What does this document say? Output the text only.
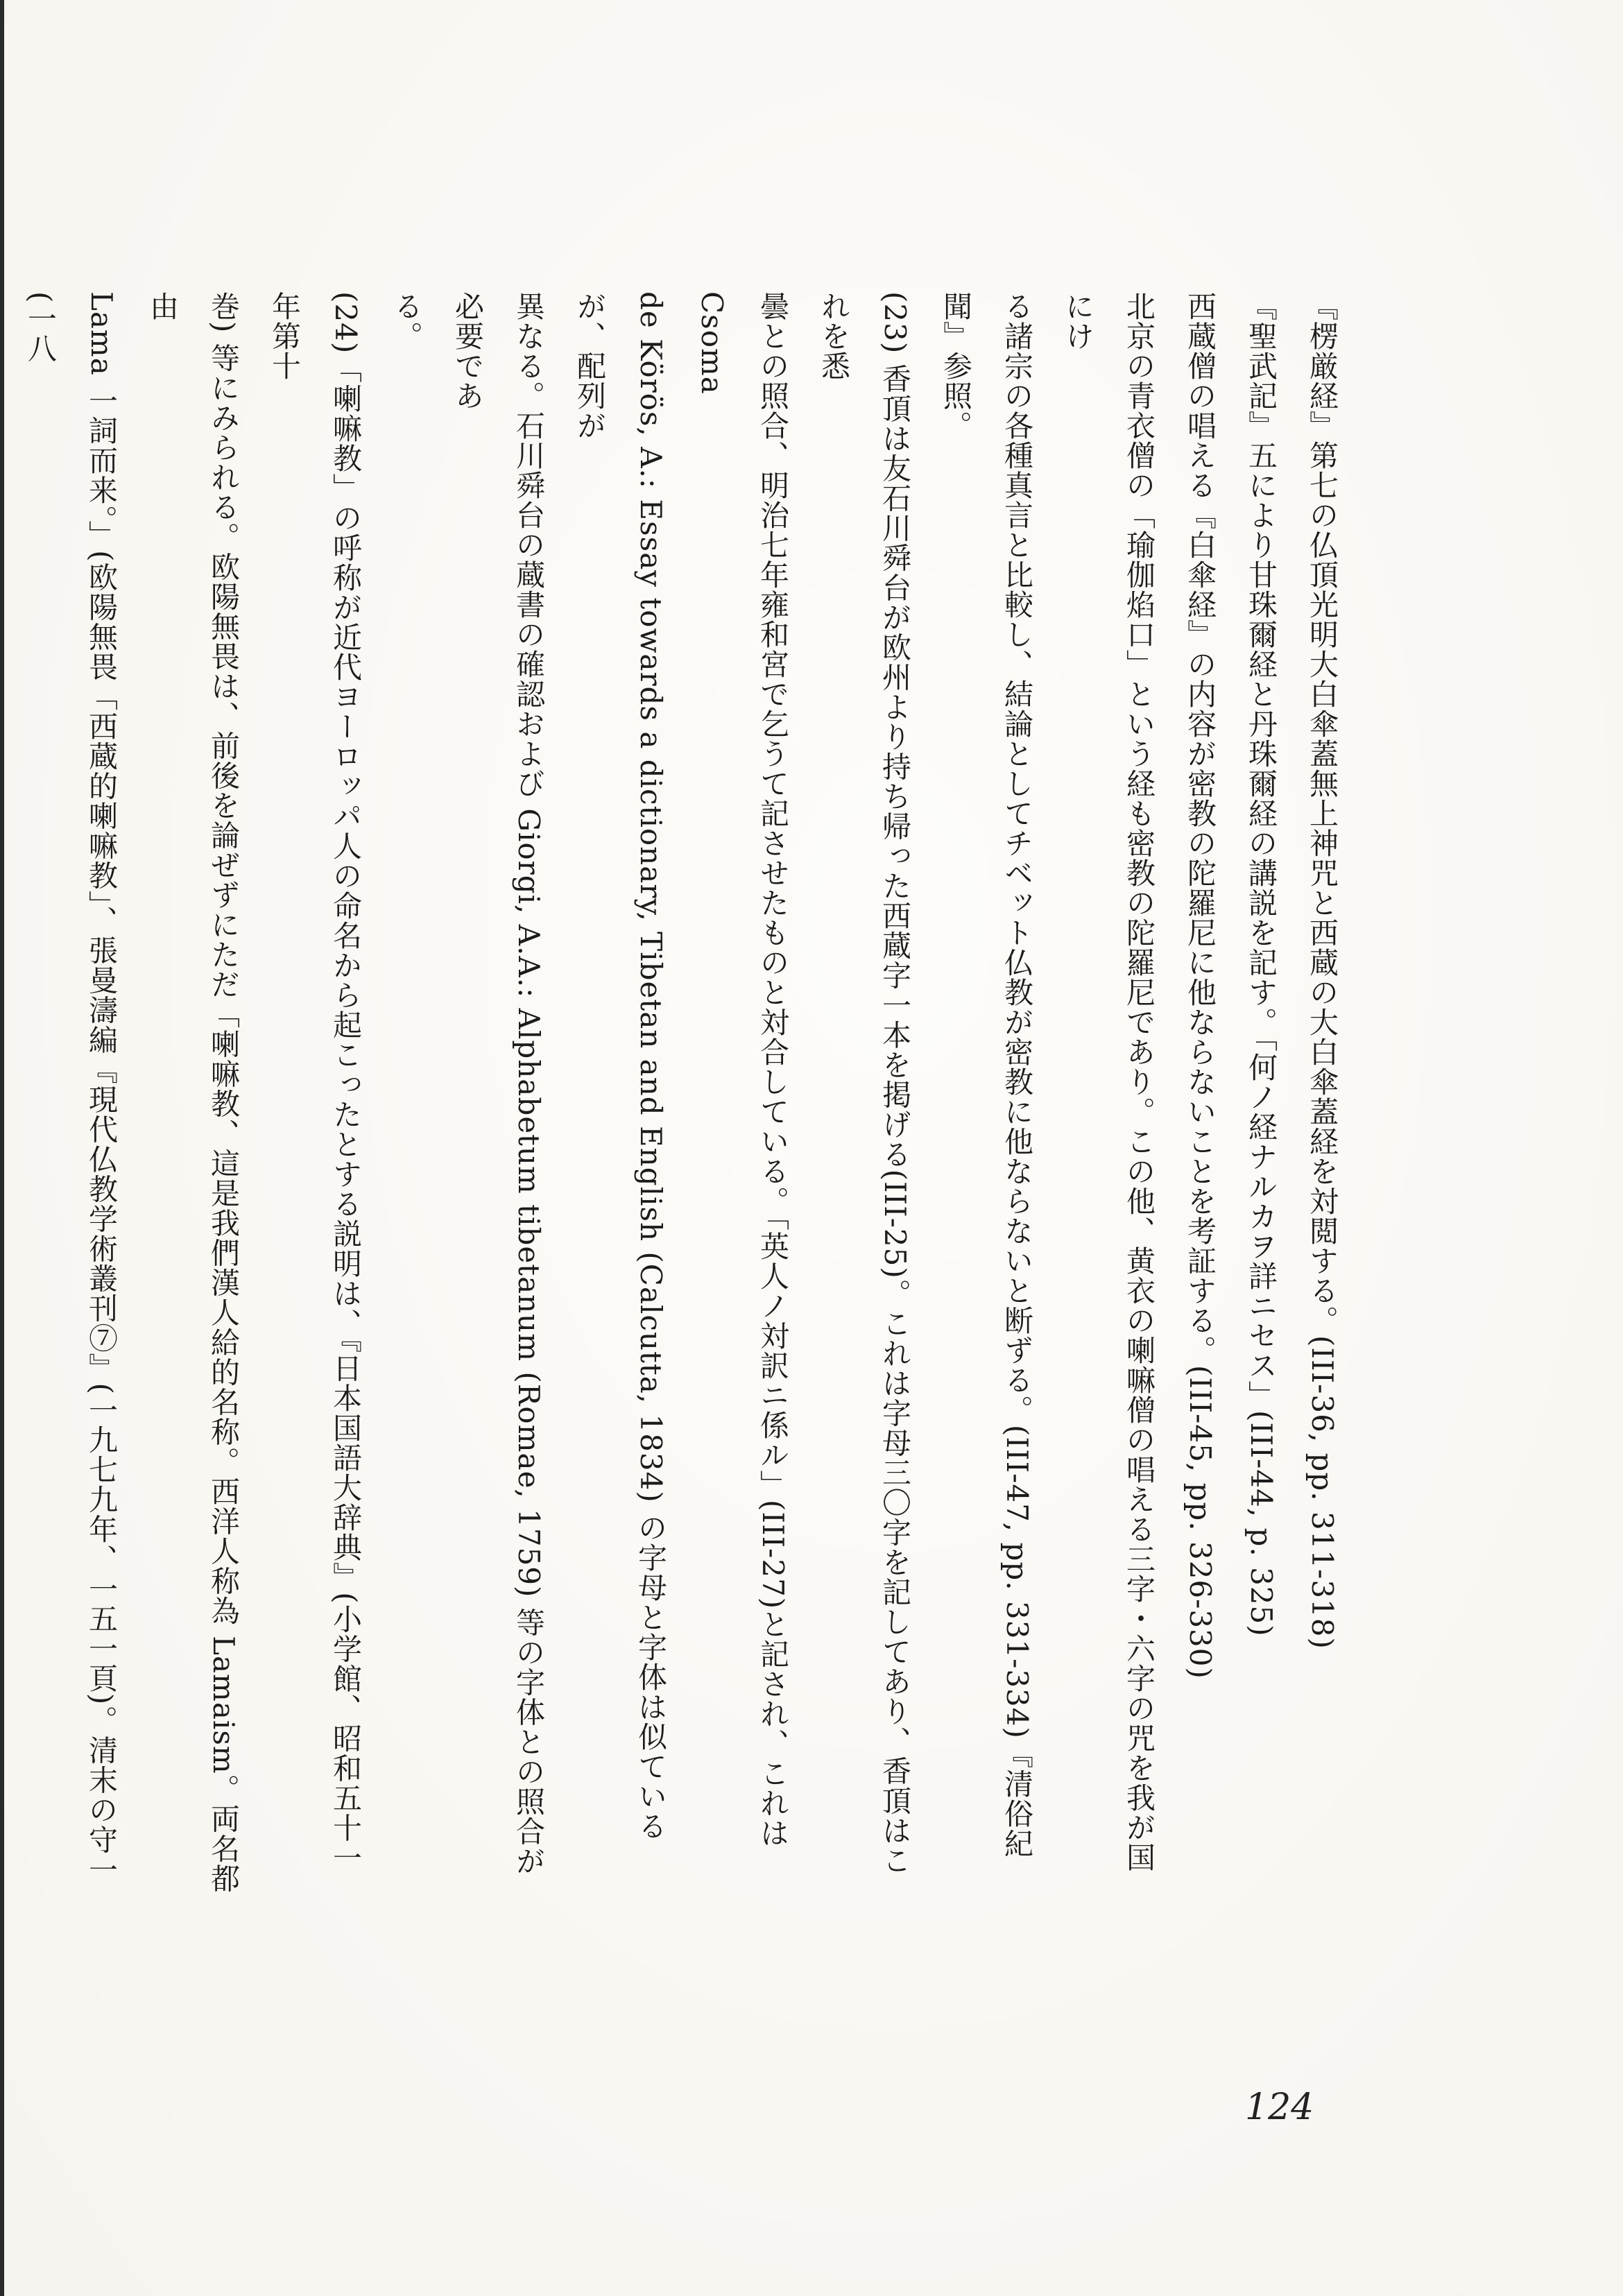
『楞厳経』第七の仏頂光明大白傘蓋無上神咒と西蔵の大白傘蓋経を対閲する。(III-36, pp. 311-318)

『聖武記』五により甘珠爾経と丹珠爾経の講説を記す。「何ノ経ナルカヲ詳ニセス」(III-44, p. 325)

西蔵僧の唱える『白傘経』の内容が密教の陀羅尼に他ならないことを考証する。(III-45, pp. 326-330)

北京の青衣僧の「瑜伽焰口」という経も密教の陀羅尼であり。この他、黄衣の喇嘛僧の唱える三字・六字の咒を我が国にけ

る諸宗の各種真言と比較し、結論としてチベット仏教が密教に他ならないと断ずる。(III-47, pp. 331-334)『清俗紀聞』参照。

(23) 香頂は友石川舜台が欧州より持ち帰った西蔵字一本を掲げる(III-25)。これは字母三〇字を記してあり、香頂はこれを悉

曇との照合、明治七年雍和宮で乞うて記させたものと対合している。「英人ノ対訳ニ係ル」(III-27)と記され、これは Csoma

de Körös, A.: Essay towards a dictionary, Tibetan and English (Calcutta, 1834) の字母と字体は似ているが、配列が

異なる。石川舜台の蔵書の確認および Giorgi, A.A.: Alphabetum tibetanum (Romae, 1759) 等の字体との照合が必要であ

る。

(24)「喇嘛教」の呼称が近代ヨーロッパ人の命名から起こったとする説明は、『日本国語大辞典』(小学館、昭和五十一年第十

巻) 等にみられる。欧陽無畏は、前後を論ぜずにただ「喇嘛教、這是我們漢人給的名称。西洋人称為 Lamaism。両名都由

Lama 一詞而来。」(欧陽無畏「西蔵的喇嘛教」、張曼濤編『現代仏教学術叢刊⑦』(一九七九年、一五一頁)。清末の守一(一八

124
